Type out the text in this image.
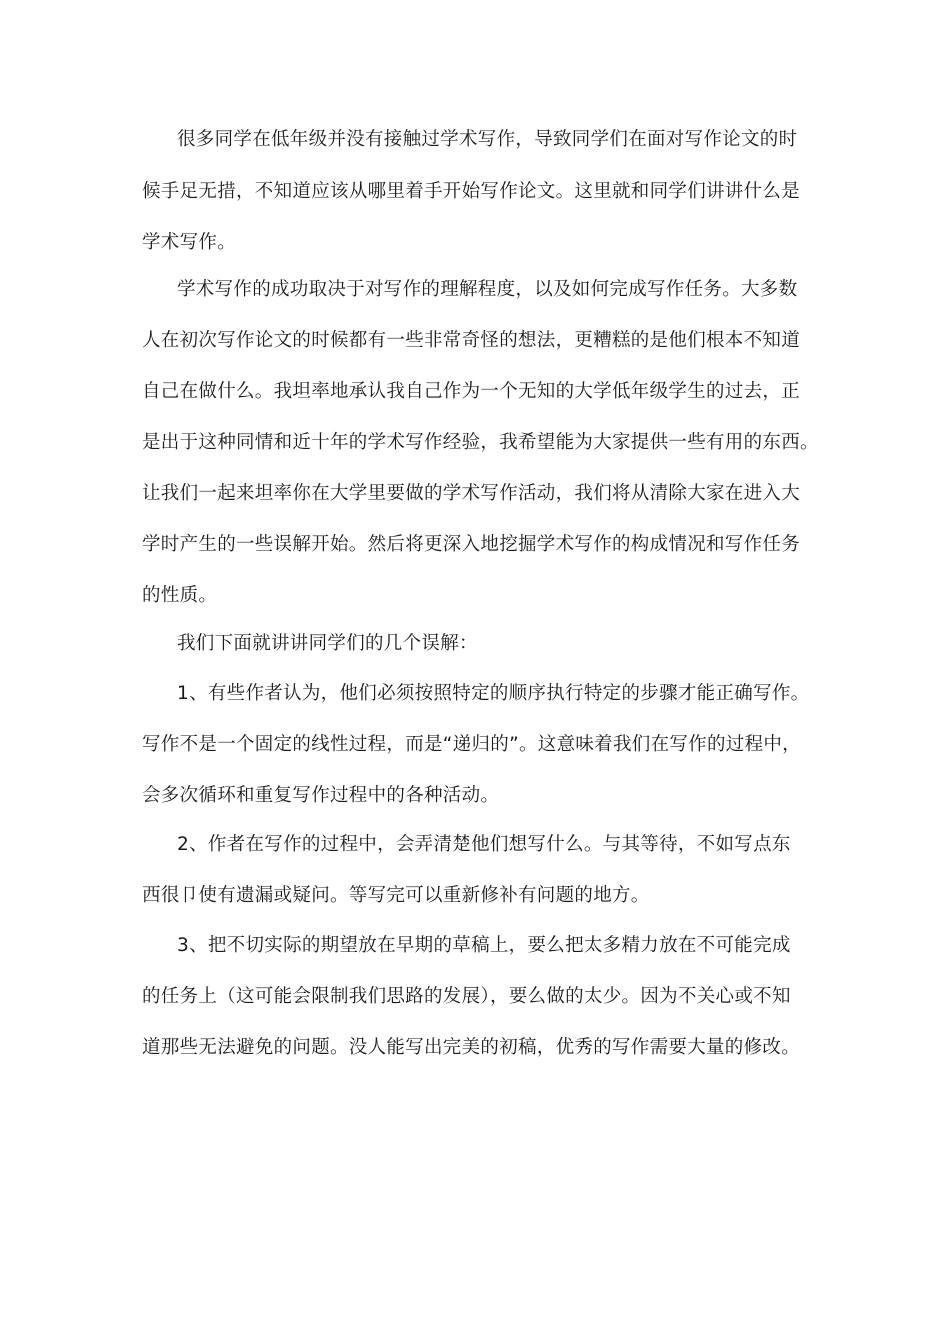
很多同学在低年级并没有接触过学术写作，导致同学们在面对写作论文的时
候手足无措，不知道应该从哪里着手开始写作论文。这里就和同学们讲讲什么是
学术写作。
学术写作的成功取决于对写作的理解程度，以及如何完成写作任务。大多数
人在初次写作论文的时候都有一些非常奇怪的想法，更糟糕的是他们根本不知道
自己在做什么。我坦率地承认我自己作为一个无知的大学低年级学生的过去，正
是出于这种同情和近十年的学术写作经验，我希望能为大家提供一些有用的东西。
让我们一起来坦率你在大学里要做的学术写作活动，我们将从清除大家在进入大
学时产生的一些误解开始。然后将更深入地挖掘学术写作的构成情况和写作任务
的性质。
我们下面就讲讲同学们的几个误解：
1、有些作者认为，他们必须按照特定的顺序执行特定的步骤才能正确写作。
写作不是一个固定的线性过程，而是“递归的”。这意味着我们在写作的过程中，
会多次循环和重复写作过程中的各种活动。
2、作者在写作的过程中，会弄清楚他们想写什么。与其等待，不如写点东
西很卩使有遗漏或疑问。等写完可以重新修补有问题的地方。
3、把不切实际的期望放在早期的草稿上，要么把太多精力放在不可能完成
的任务上（这可能会限制我们思路的发展），要么做的太少。因为不关心或不知
道那些无法避免的问题。没人能写出完美的初稿，优秀的写作需要大量的修改。
